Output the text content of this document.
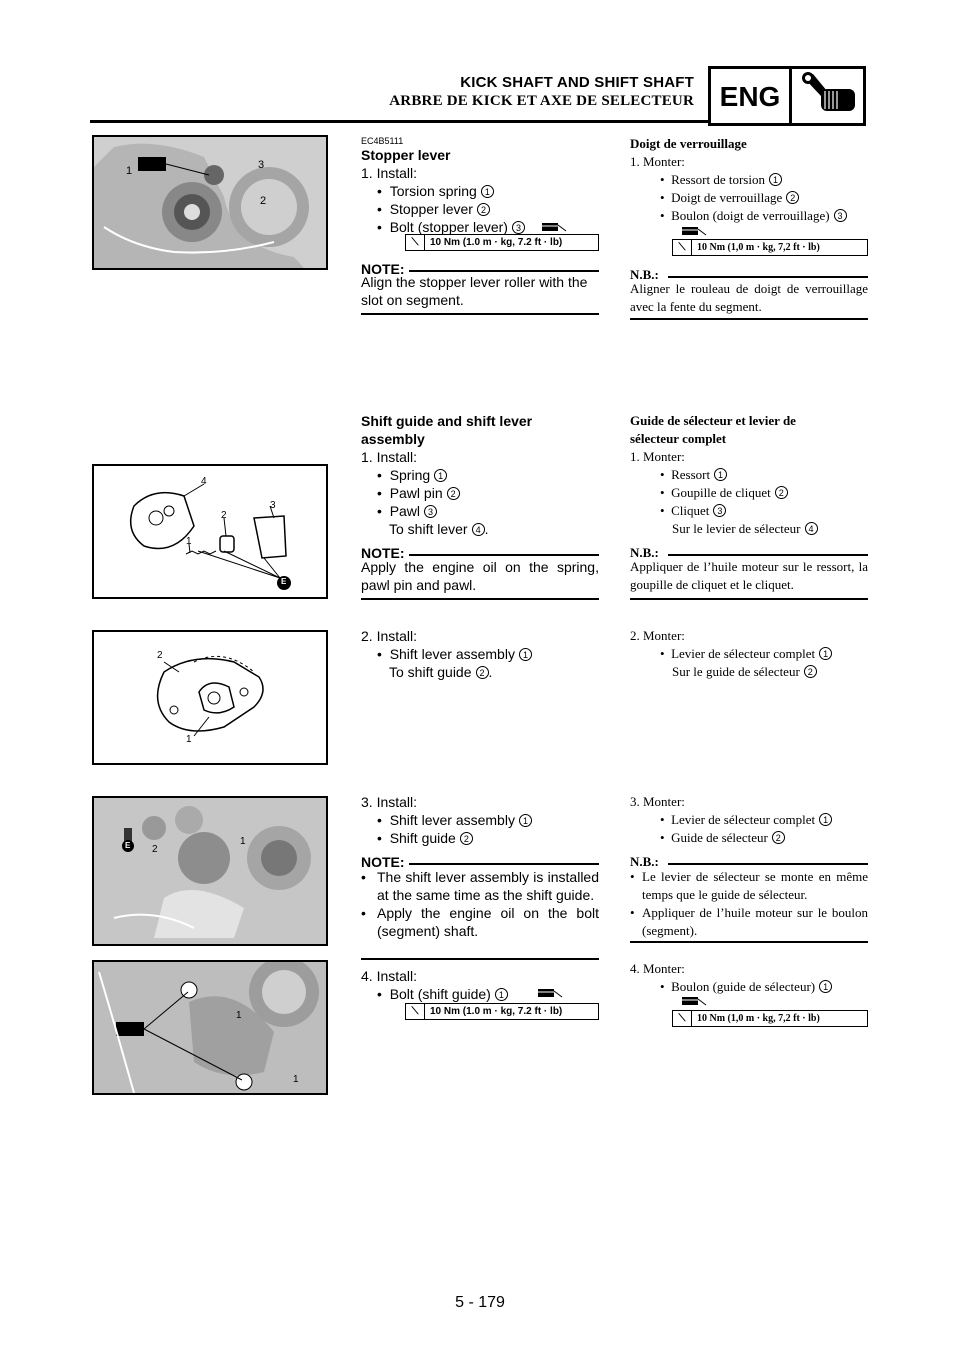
KICK SHAFT AND SHIFT SHAFT
ARBRE DE KICK ET AXE DE SELECTEUR ENG
1
2
3
EC4B5111
Stopper lever
1. Install:
•  Torsion spring 1
•  Stopper lever 2
•  Bolt (stopper lever) 3
⟍	10 Nm (1.0 m · kg, 7.2 ft · lb)
NOTE:
Align the stopper lever roller with the slot on segment.
Doigt de verrouillage
1. Monter:
•  Ressort de torsion 1
•  Doigt de verrouillage 2
•  Boulon (doigt de verrouillage) 3
⟍	10 Nm (1,0 m · kg, 7,2 ft · lb)
N.B.:
Aligner le rouleau de doigt de verrouillage avec la fente du segment.
4
3
2
1
E
Shift guide and shift lever
assembly
1. Install:
•  Spring 1
•  Pawl pin 2
•  Pawl 3
To shift lever 4 .
NOTE:
Apply the engine oil on the spring, pawl pin and pawl.
Guide de sélecteur et levier de
sélecteur complet
1. Monter:
•  Ressort 1
•  Goupille de cliquet 2
•  Cliquet 3
Sur le levier de sélecteur 4
N.B.:
Appliquer de l’huile moteur sur le ressort, la goupille de cliquet et le cliquet.
2
1
2. Install:
•  Shift lever assembly 1
To shift guide 2 .
2. Monter:
•  Levier de sélecteur complet 1
Sur le guide de sélecteur 2
E 2
1
3. Install:
•  Shift lever assembly 1
•  Shift guide 2
NOTE:
• The shift lever assembly is installed at the same time as the shift guide.
• Apply the engine oil on the bolt (segment) shaft.
3. Monter:
•  Levier de sélecteur complet 1
•  Guide de sélecteur 2
N.B.:
• Le levier de sélecteur se monte en même temps que le guide de sélecteur.
• Appliquer de l’huile moteur sur le boulon (segment).
1
1
4. Install:
•  Bolt (shift guide) 1
⟍	10 Nm (1.0 m · kg, 7.2 ft · lb)
4. Monter:
•  Boulon (guide de sélecteur) 1
⟍	10 Nm (1,0 m · kg, 7,2 ft · lb)
5 - 179
